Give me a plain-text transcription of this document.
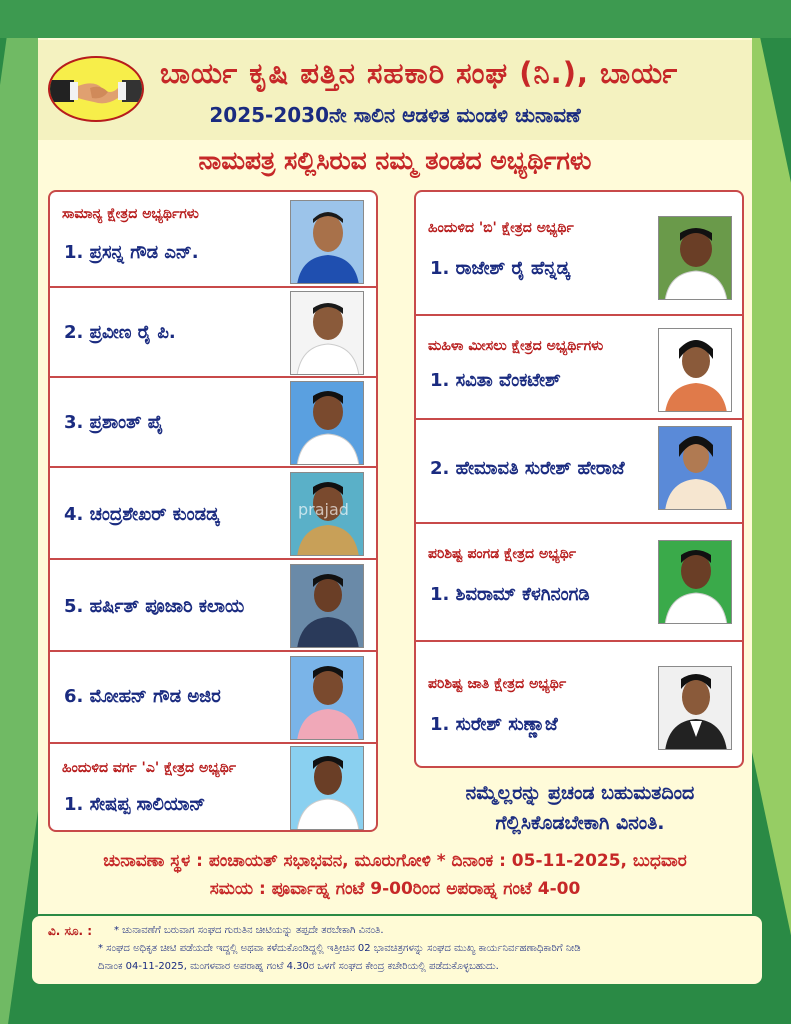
ಬಾರ್ಯ ಕೃಷಿ ಪತ್ತಿನ ಸಹಕಾರಿ ಸಂಘ (ನಿ.), ಬಾರ್ಯ
2025-2030ನೇ ಸಾಲಿನ ಆಡಳಿತ ಮಂಡಳಿ ಚುನಾವಣೆ
ನಾಮಪತ್ರ ಸಲ್ಲಿಸಿರುವ ನಮ್ಮ ತಂಡದ ಅಭ್ಯರ್ಥಿಗಳು
ಸಾಮಾನ್ಯ ಕ್ಷೇತ್ರದ ಅಭ್ಯರ್ಥಿಗಳು
1. ಪ್ರಸನ್ನ ಗೌಡ ಎನ್.
2. ಪ್ರವೀಣ ರೈ ಪಿ.
3. ಪ್ರಶಾಂತ್ ಪೈ
4. ಚಂದ್ರಶೇಖರ್ ಕುಂಡಡ್ಕ
5. ಹರ್ಷಿತ್ ಪೂಜಾರಿ ಕಲಾಯ
6. ಮೋಹನ್ ಗೌಡ ಅಜಿರ
ಹಿಂದುಳಿದ ವರ್ಗ 'ಎ' ಕ್ಷೇತ್ರದ ಅಭ್ಯರ್ಥಿ
1. ಸೇಷಪ್ಪ ಸಾಲಿಯಾನ್
ಹಿಂದುಳಿದ 'ಬಿ' ಕ್ಷೇತ್ರದ ಅಭ್ಯರ್ಥಿ
1. ರಾಜೇಶ್ ರೈ ಹೆನ್ನಡ್ಕ
ಮಹಿಳಾ ಮೀಸಲು ಕ್ಷೇತ್ರದ ಅಭ್ಯರ್ಥಿಗಳು
1. ಸವಿತಾ ವೆಂಕಟೇಶ್
2. ಹೇಮಾವತಿ ಸುರೇಶ್ ಹೇರಾಜೆ
ಪರಿಶಿಷ್ಟ ಪಂಗಡ ಕ್ಷೇತ್ರದ ಅಭ್ಯರ್ಥಿ
1. ಶಿವರಾಮ್ ಕೆಳಗಿನಂಗಡಿ
ಪರಿಶಿಷ್ಟ ಜಾತಿ ಕ್ಷೇತ್ರದ ಅಭ್ಯರ್ಥಿ
1. ಸುರೇಶ್ ಸುಣ್ಣಾಜೆ
prajad
ನಮ್ಮೆಲ್ಲರನ್ನು ಪ್ರಚಂಡ ಬಹುಮತದಿಂದ
ಗೆಲ್ಲಿಸಿಕೊಡಬೇಕಾಗಿ ವಿನಂತಿ.
ಚುನಾವಣಾ ಸ್ಥಳ : ಪಂಚಾಯತ್ ಸಭಾಭವನ, ಮೂರುಗೋಳಿ * ದಿನಾಂಕ : 05-11-2025, ಬುಧವಾರ
ಸಮಯ : ಪೂರ್ವಾಹ್ನ ಗಂಟೆ 9-00ರಿಂದ ಅಪರಾಹ್ನ ಗಂಟೆ 4-00
ವಿ. ಸೂ. : * ಚುನಾವಣೆಗೆ ಬರುವಾಗ ಸಂಘದ ಗುರುತಿನ ಚೀಟಿಯನ್ನು ತಪ್ಪದೇ ತರಬೇಕಾಗಿ ವಿನಂತಿ.
* ಸಂಘದ ಅಧಿಕೃತ ಚೀಟಿ ಪಡೆಯದೇ ಇದ್ದಲ್ಲಿ ಅಥವಾ ಕಳೆದುಕೊಂಡಿದ್ದಲ್ಲಿ ಇತ್ತೀಚಿನ 02 ಭಾವಚಿತ್ರಗಳನ್ನು ಸಂಘದ ಮುಖ್ಯ ಕಾರ್ಯನಿರ್ವಹಣಾಧಿಕಾರಿಗೆ ನೀಡಿ
ದಿನಾಂಕ 04-11-2025, ಮಂಗಳವಾರ ಅಪರಾಹ್ನ ಗಂಟೆ 4.30ರ ಒಳಗೆ ಸಂಘದ ಕೇಂದ್ರ ಕಚೇರಿಯಲ್ಲಿ ಪಡೆದುಕೊಳ್ಳಬಹುದು.
